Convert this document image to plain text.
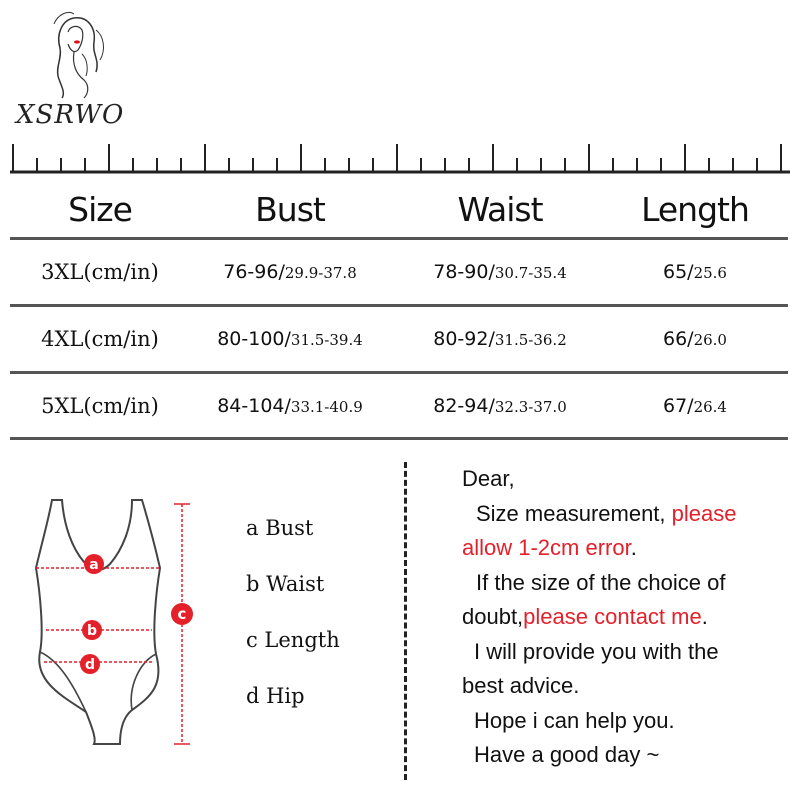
XSRWO
Size	Bust	Waist	Length
3XL(cm/in)	76-96/29.9-37.8	78-90/30.7-35.4	65/25.6
4XL(cm/in)	80-100/31.5-39.4	80-92/31.5-36.2	66/26.0
5XL(cm/in)	84-104/33.1-40.9	82-94/32.3-37.0	67/26.4
a
b
d
c
a Bust
b Waist
c Length
d Hip
Dear,
Size measurement, please
allow 1-2cm error.
If the size of the choice of
doubt,please contact me.
I will provide you with the
best advice.
Hope i can help you.
Have a good day ~
